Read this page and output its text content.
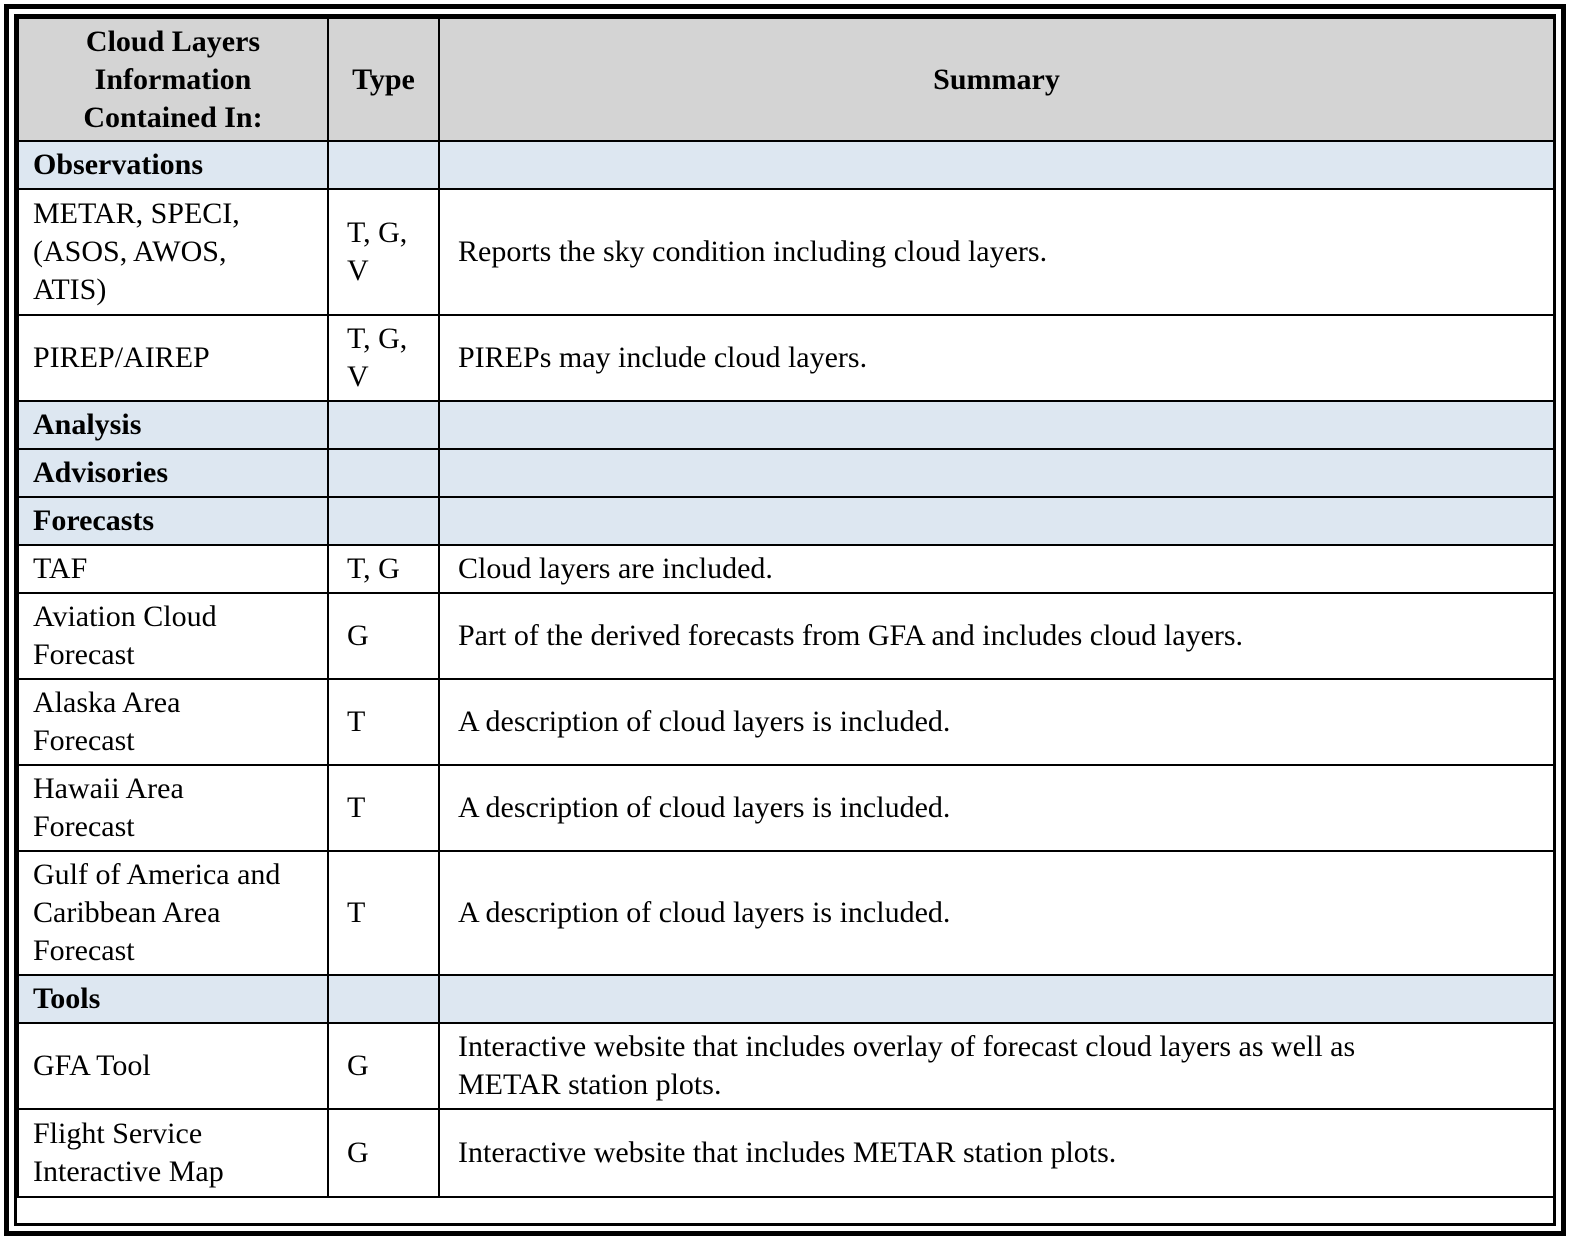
Cloud Layers
Information
Contained In:	Type	Summary

Observations		

METAR, SPECI,
(ASOS, AWOS,
ATIS)	T, G,
V	Reports the sky condition including cloud layers.

PIREP/AIREP	T, G,
V	PIREPs may include cloud layers.

Analysis		
Advisories		
Forecasts		

TAF	T, G	Cloud layers are included.

Aviation Cloud
Forecast	G	Part of the derived forecasts from GFA and includes cloud layers.

Alaska Area
Forecast	T	A description of cloud layers is included.

Hawaii Area
Forecast	T	A description of cloud layers is included.

Gulf of America and
Caribbean Area
Forecast	T	A description of cloud layers is included.

Tools		

GFA Tool	G	Interactive website that includes overlay of forecast cloud layers as well as
METAR station plots.

Flight Service
Interactive Map	G	Interactive website that includes METAR station plots.
